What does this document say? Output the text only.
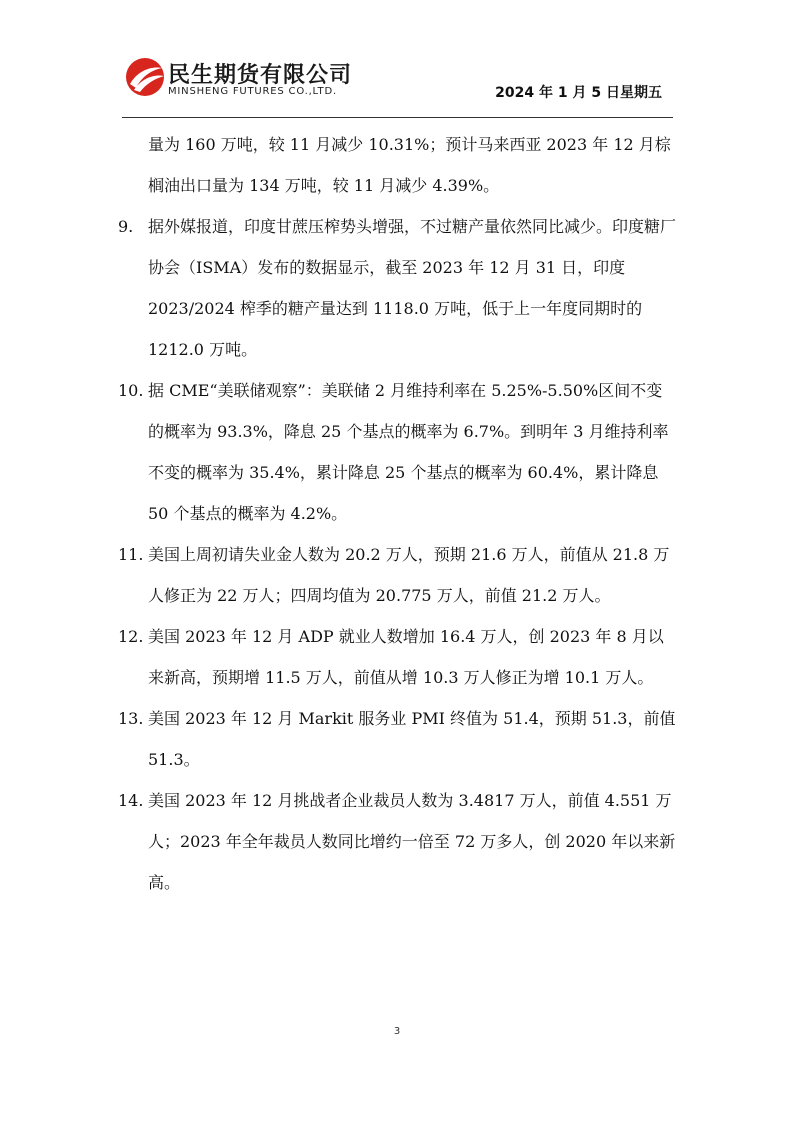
民生期货有限公司
MINSHENG FUTURES CO.,LTD.	2024 年 1 月 5 日星期五
量为 160 万吨，较 11 月减少 10.31%；预计马来西亚 2023 年 12 月棕榈油出口量为 134 万吨，较 11 月减少 4.39%。
9. 据外媒报道，印度甘蔗压榨势头增强，不过糖产量依然同比减少。印度糖厂协会（ISMA）发布的数据显示，截至 2023 年 12 月 31 日，印度 2023/2024 榨季的糖产量达到 1118.0 万吨，低于上一年度同期时的 1212.0 万吨。
10. 据 CME“美联储观察”：美联储 2 月维持利率在 5.25%-5.50%区间不变的概率为 93.3%，降息 25 个基点的概率为 6.7%。到明年 3 月维持利率不变的概率为 35.4%，累计降息 25 个基点的概率为 60.4%，累计降息 50 个基点的概率为 4.2%。
11. 美国上周初请失业金人数为 20.2 万人，预期 21.6 万人，前值从 21.8 万人修正为 22 万人；四周均值为 20.775 万人，前值 21.2 万人。
12. 美国 2023 年 12 月 ADP 就业人数增加 16.4 万人，创 2023 年 8 月以来新高，预期增 11.5 万人，前值从增 10.3 万人修正为增 10.1 万人。
13. 美国 2023 年 12 月 Markit 服务业 PMI 终值为 51.4，预期 51.3，前值 51.3。
14. 美国 2023 年 12 月挑战者企业裁员人数为 3.4817 万人，前值 4.551 万人；2023 年全年裁员人数同比增约一倍至 72 万多人，创 2020 年以来新高。
3
